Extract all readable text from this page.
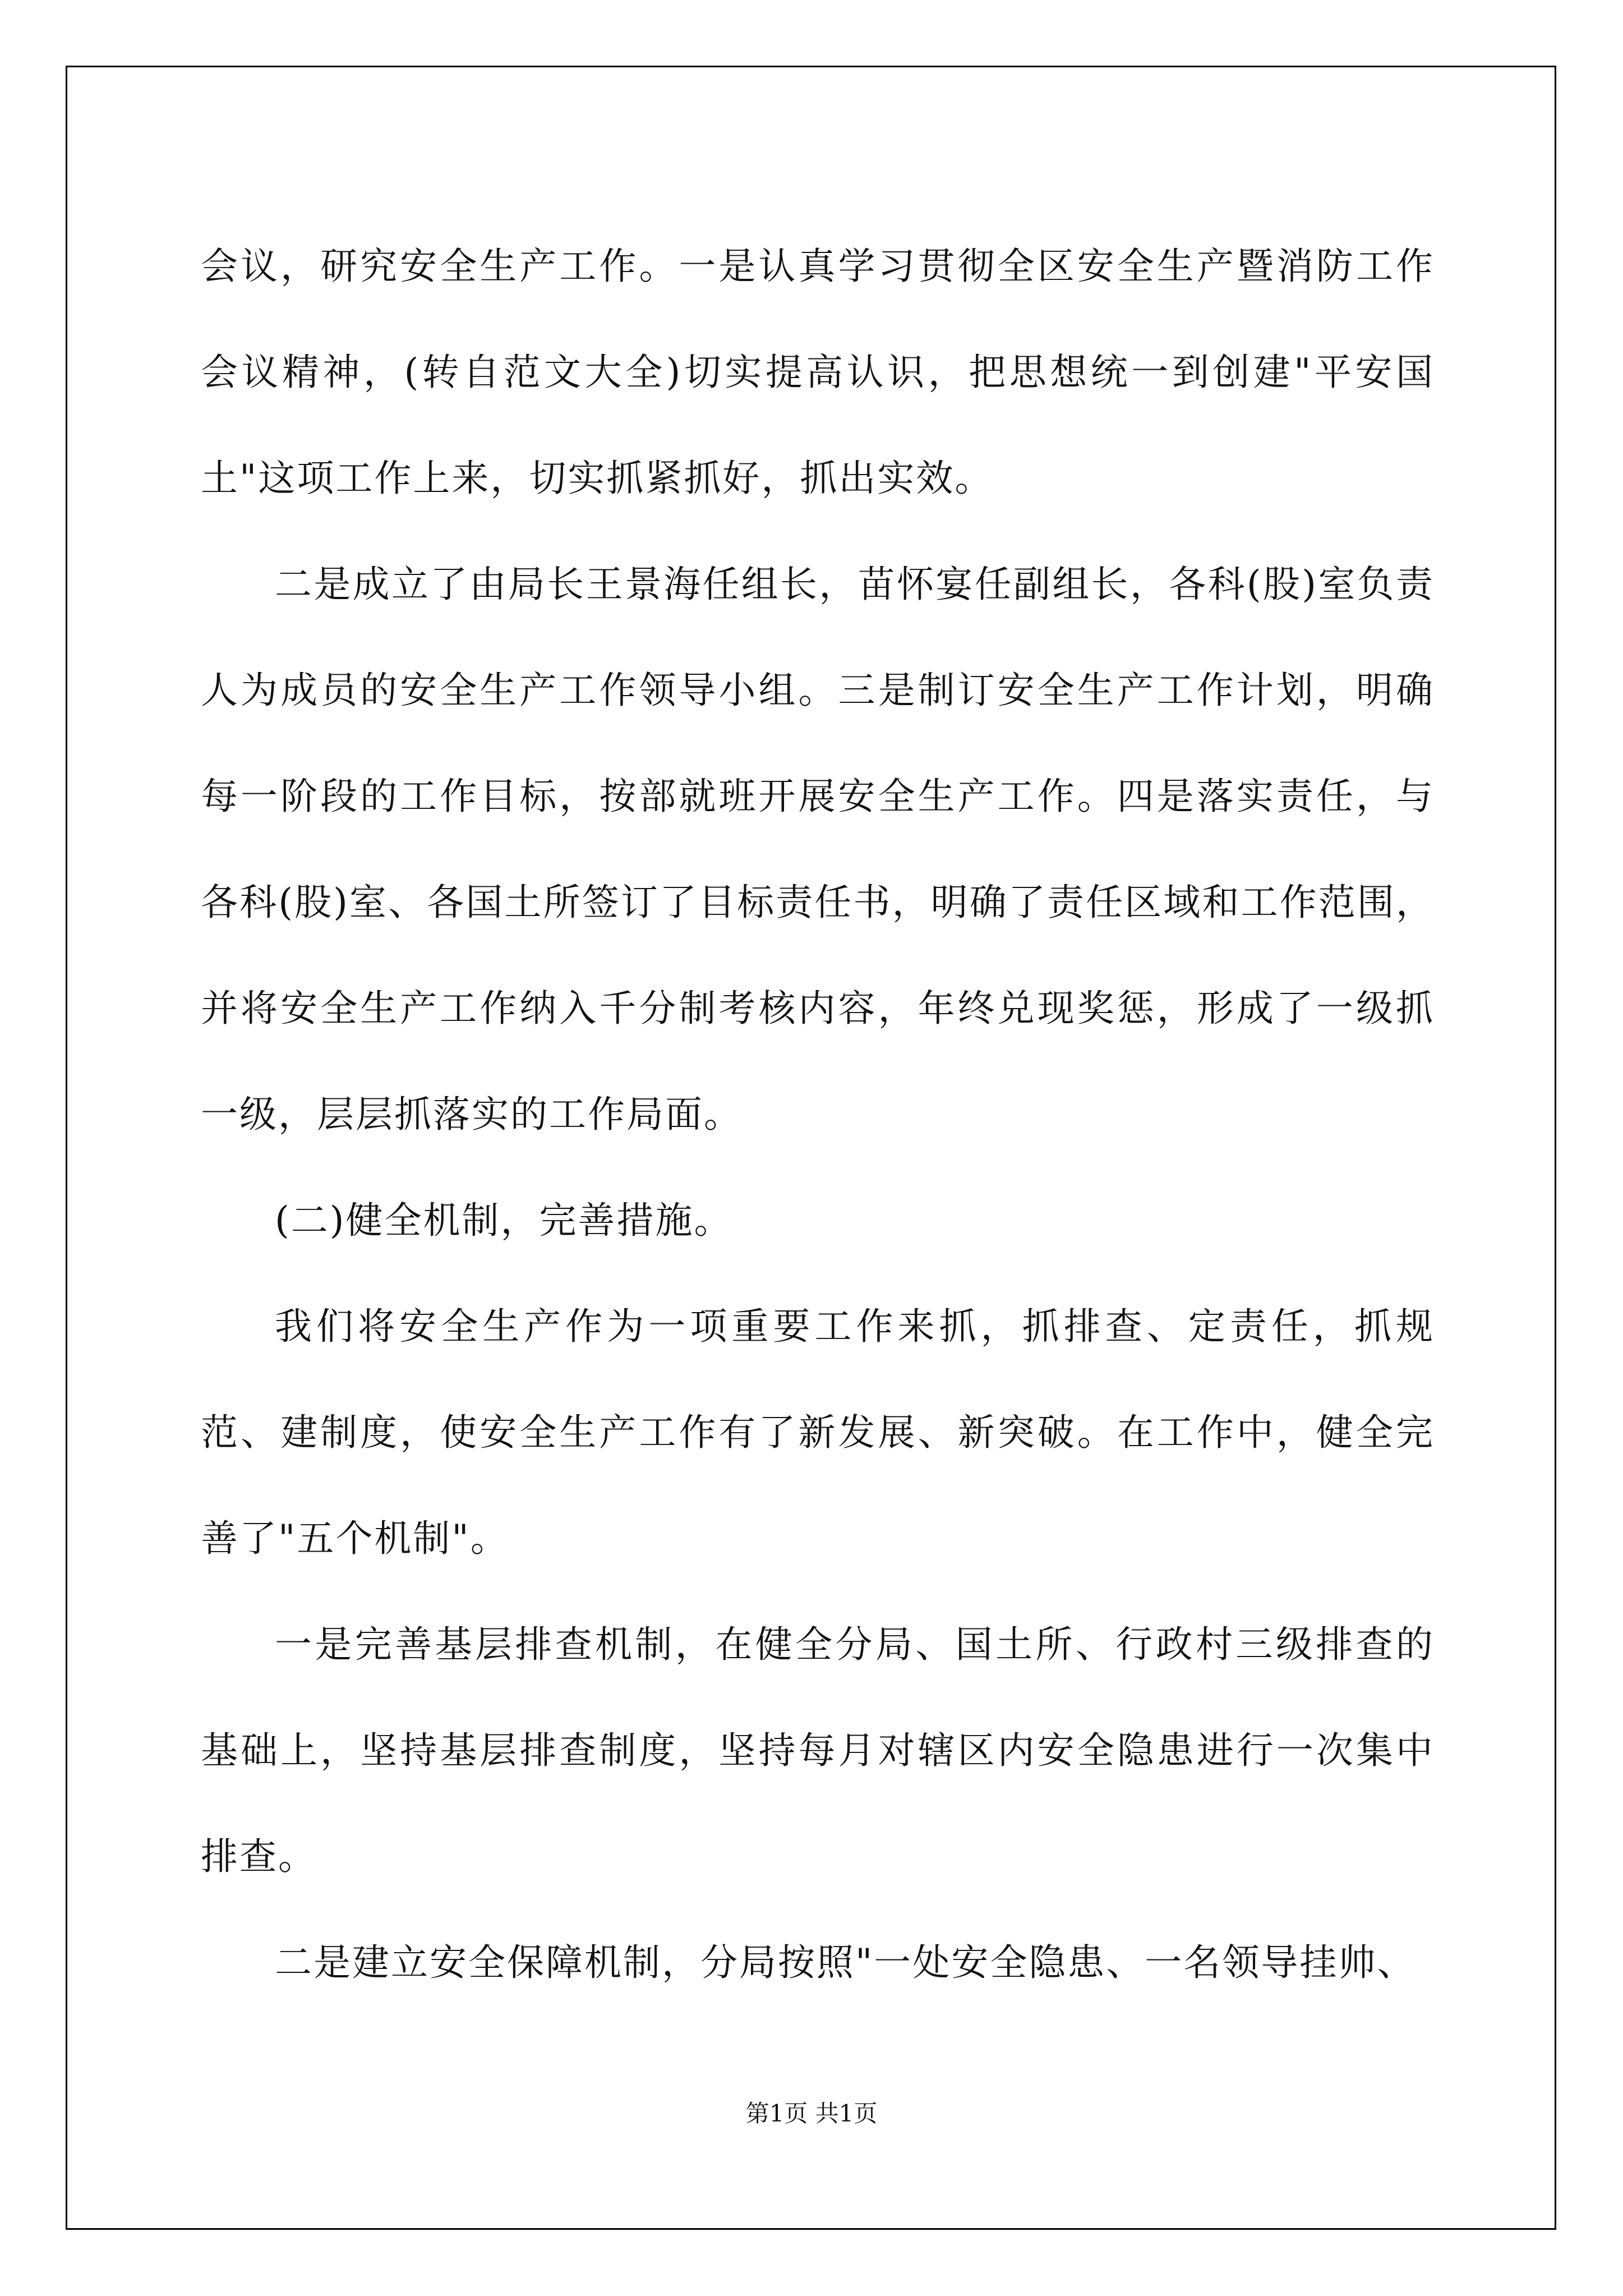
会议，研究安全生产工作。一是认真学习贯彻全区安全生产暨消防工作会议精神，(转自范文大全)切实提高认识，把思想统一到创建"平安国土"这项工作上来，切实抓紧抓好，抓出实效。

二是成立了由局长王景海任组长，苗怀宴任副组长，各科(股)室负责人为成员的安全生产工作领导小组。三是制订安全生产工作计划，明确每一阶段的工作目标，按部就班开展安全生产工作。四是落实责任，与各科(股)室、各国土所签订了目标责任书，明确了责任区域和工作范围，并将安全生产工作纳入千分制考核内容，年终兑现奖惩，形成了一级抓一级，层层抓落实的工作局面。

(二)健全机制，完善措施。

我们将安全生产作为一项重要工作来抓，抓排查、定责任，抓规范、建制度，使安全生产工作有了新发展、新突破。在工作中，健全完善了"五个机制"。

一是完善基层排查机制，在健全分局、国土所、行政村三级排查的基础上，坚持基层排查制度，坚持每月对辖区内安全隐患进行一次集中排查。

二是建立安全保障机制，分局按照"一处安全隐患、一名领导挂帅、

第1页 共1页
